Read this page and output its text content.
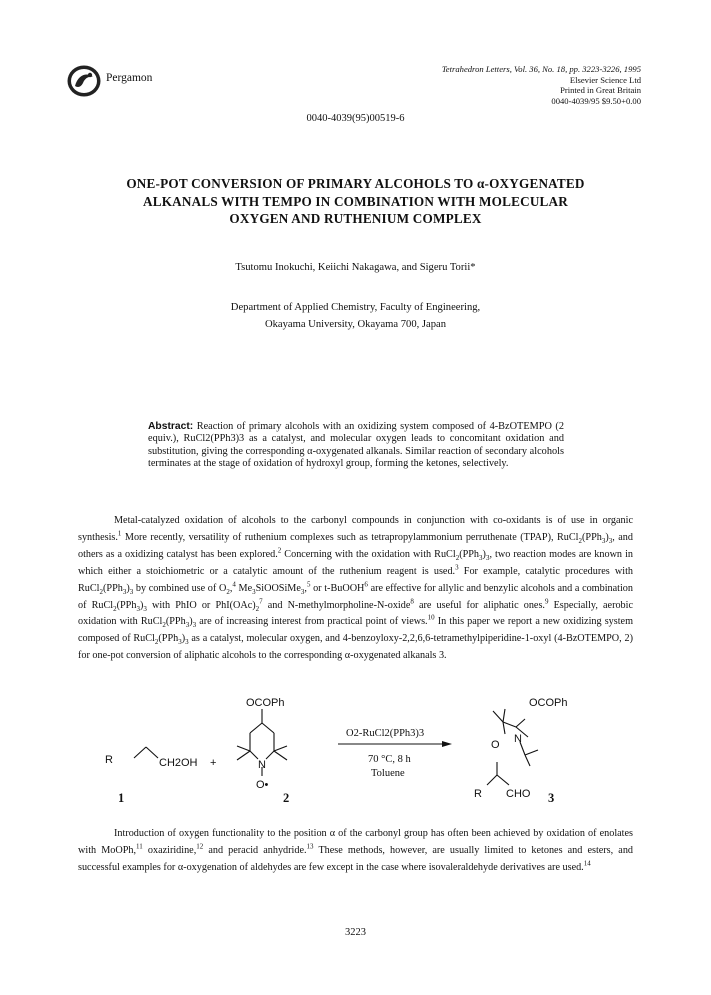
Pergamon
Tetrahedron Letters, Vol. 36, No. 18, pp. 3223-3226, 1995
Elsevier Science Ltd
Printed in Great Britain
0040-4039/95 $9.50+0.00
0040-4039(95)00519-6
ONE-POT CONVERSION OF PRIMARY ALCOHOLS TO α-OXYGENATED
ALKANALS WITH TEMPO IN COMBINATION WITH MOLECULAR
OXYGEN AND RUTHENIUM COMPLEX
Tsutomu Inokuchi, Keiichi Nakagawa, and Sigeru Torii*
Department of Applied Chemistry, Faculty of Engineering,
Okayama University, Okayama 700, Japan
Abstract: Reaction of primary alcohols with an oxidizing system composed of 4-BzOTEMPO (2 equiv.), RuCl2(PPh3)3 as a catalyst, and molecular oxygen leads to concomitant oxidation and substitution, giving the corresponding α-oxygenated alkanals. Similar reaction of secondary alcohols terminates at the stage of oxidation of hydroxyl group, forming the ketones, selectively.
Metal-catalyzed oxidation of alcohols to the carbonyl compounds in conjunction with co-oxidants is of use in organic synthesis.$^1$ More recently, versatility of ruthenium complexes such as tetrapropylammonium perruthenate (TPAP), $RuCl_2(PPh_3)_3$, and others as a oxidizing catalyst has been explored.$^2$ Concerning with the oxidation with $RuCl_2(PPh_3)_3$, two reaction modes are known in which either a stoichiometric or a catalytic amount of the ruthenium reagent is used.$^3$ For example, catalytic procedures with $RuCl_2(PPh_3)_3$ by combined use of $O_2,^4$ $Me_3SiOOSiMe_3,^5$ or t-BuOOH$^6$ are effective for allylic and benzylic alcohols and a combination of $RuCl_2(PPh_3)_3$ with PhIO or $PhI(OAc)_2^7$ and N-methylmorpholine-N-oxide$^8$ are useful for aliphatic ones.$^9$ Especially, aerobic oxidation with $RuCl_2(PPh_3)_3$ are of increasing interest from practical point of views.$^{10}$ In this paper we report a new oxidizing system composed of $RuCl_2(PPh_3)_3$ as a catalyst, molecular oxygen, and 4-benzoyloxy-2,2,6,6-tetramethylpiperidine-1-oxyl (4-BzOTEMPO, 2) for one-pot conversion of aliphatic alcohols to the corresponding α-oxygenated alkanals 3.
R	CH2OH +
OCOPh
N
O•
1	2
O2-RuCl2(PPh3)3
70 °C, 8 h
Toluene
OCOPh
O N
R CHO 3
Introduction of oxygen functionality to the position α of the carbonyl group has often been achieved by oxidation of enolates with MoOPh,$^{11}$ oxaziridine,$^{12}$ and peracid anhydride.$^{13}$ These methods, however, are usually limited to ketones and esters, and successful examples for α-oxygenation of aldehydes are few except in the case where isovaleraldehyde derivatives are used.$^{14}$
3223
